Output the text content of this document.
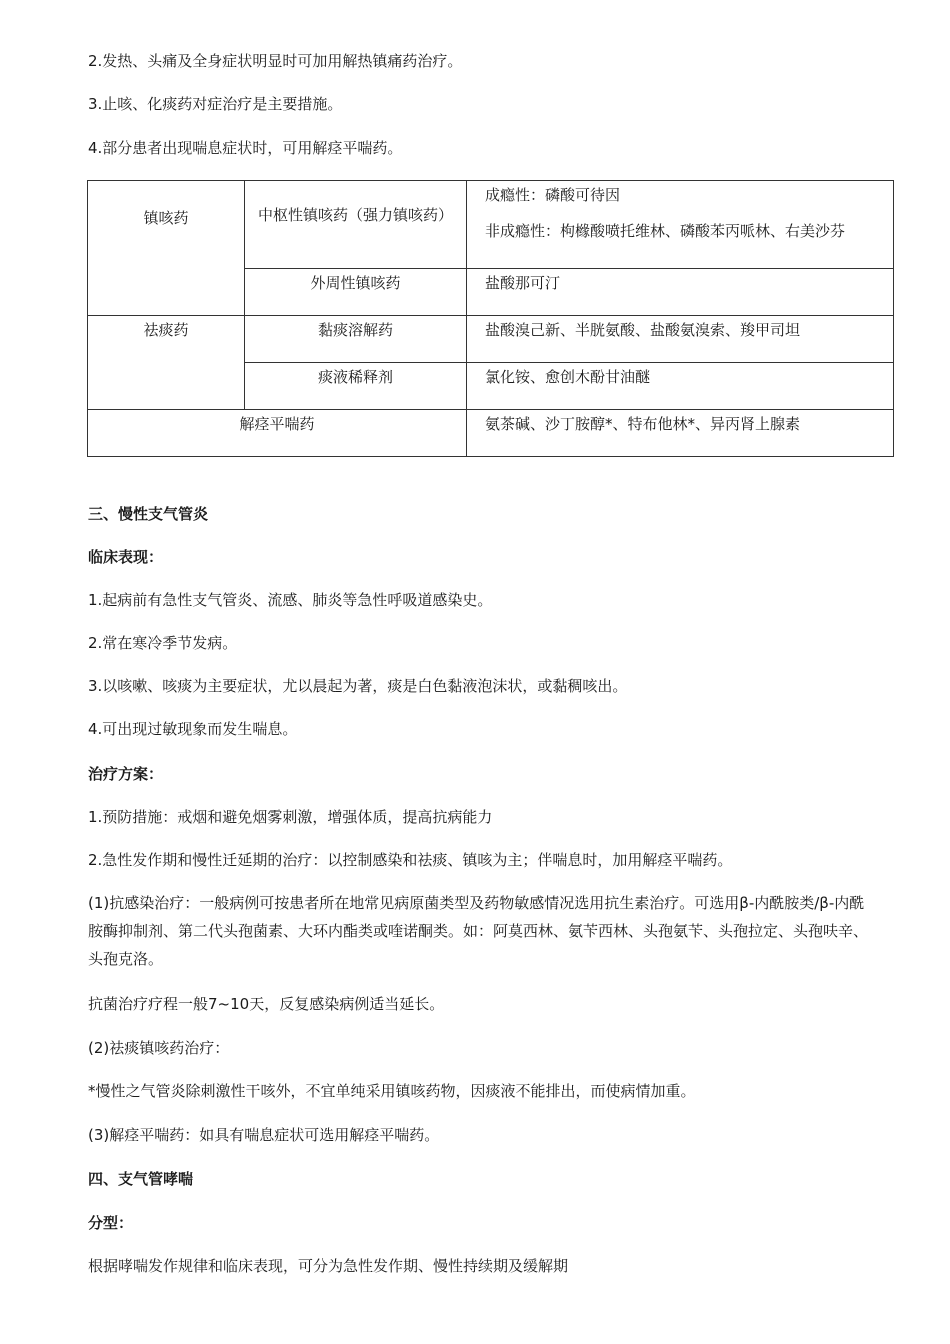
2.发热、头痛及全身症状明显时可加用解热镇痛药治疗。

3.止咳、化痰药对症治疗是主要措施。

4.部分患者出现喘息症状时，可用解痉平喘药。

镇咳药	中枢性镇咳药（强力镇咳药）	成瘾性：磷酸可待因
非成瘾性：枸橼酸喷托维林、磷酸苯丙哌林、右美沙芬

	外周性镇咳药	盐酸那可汀

祛痰药	黏痰溶解药	盐酸溴己新、半胱氨酸、盐酸氨溴索、羧甲司坦

	痰液稀释剂	氯化铵、愈创木酚甘油醚

解痉平喘药		氨茶碱、沙丁胺醇*、特布他林*、异丙肾上腺素

三、慢性支气管炎

临床表现：

1.起病前有急性支气管炎、流感、肺炎等急性呼吸道感染史。

2.常在寒冷季节发病。

3.以咳嗽、咳痰为主要症状，尤以晨起为著，痰是白色黏液泡沫状，或黏稠咳出。

4.可出现过敏现象而发生喘息。

治疗方案：

1.预防措施：戒烟和避免烟雾刺激，增强体质，提高抗病能力

2.急性发作期和慢性迁延期的治疗：以控制感染和祛痰、镇咳为主；伴喘息时，加用解痉平喘药。

(1)抗感染治疗：一般病例可按患者所在地常见病原菌类型及药物敏感情况选用抗生素治疗。可选用β-内酰胺类/β-内酰胺酶抑制剂、第二代头孢菌素、大环内酯类或喹诺酮类。如：阿莫西林、氨苄西林、头孢氨苄、头孢拉定、头孢呋辛、头孢克洛。

抗菌治疗疗程一般7~10天，反复感染病例适当延长。

(2)祛痰镇咳药治疗：

*慢性之气管炎除刺激性干咳外，不宜单纯采用镇咳药物，因痰液不能排出，而使病情加重。

(3)解痉平喘药：如具有喘息症状可选用解痉平喘药。

四、支气管哮喘

分型：

根据哮喘发作规律和临床表现，可分为急性发作期、慢性持续期及缓解期
